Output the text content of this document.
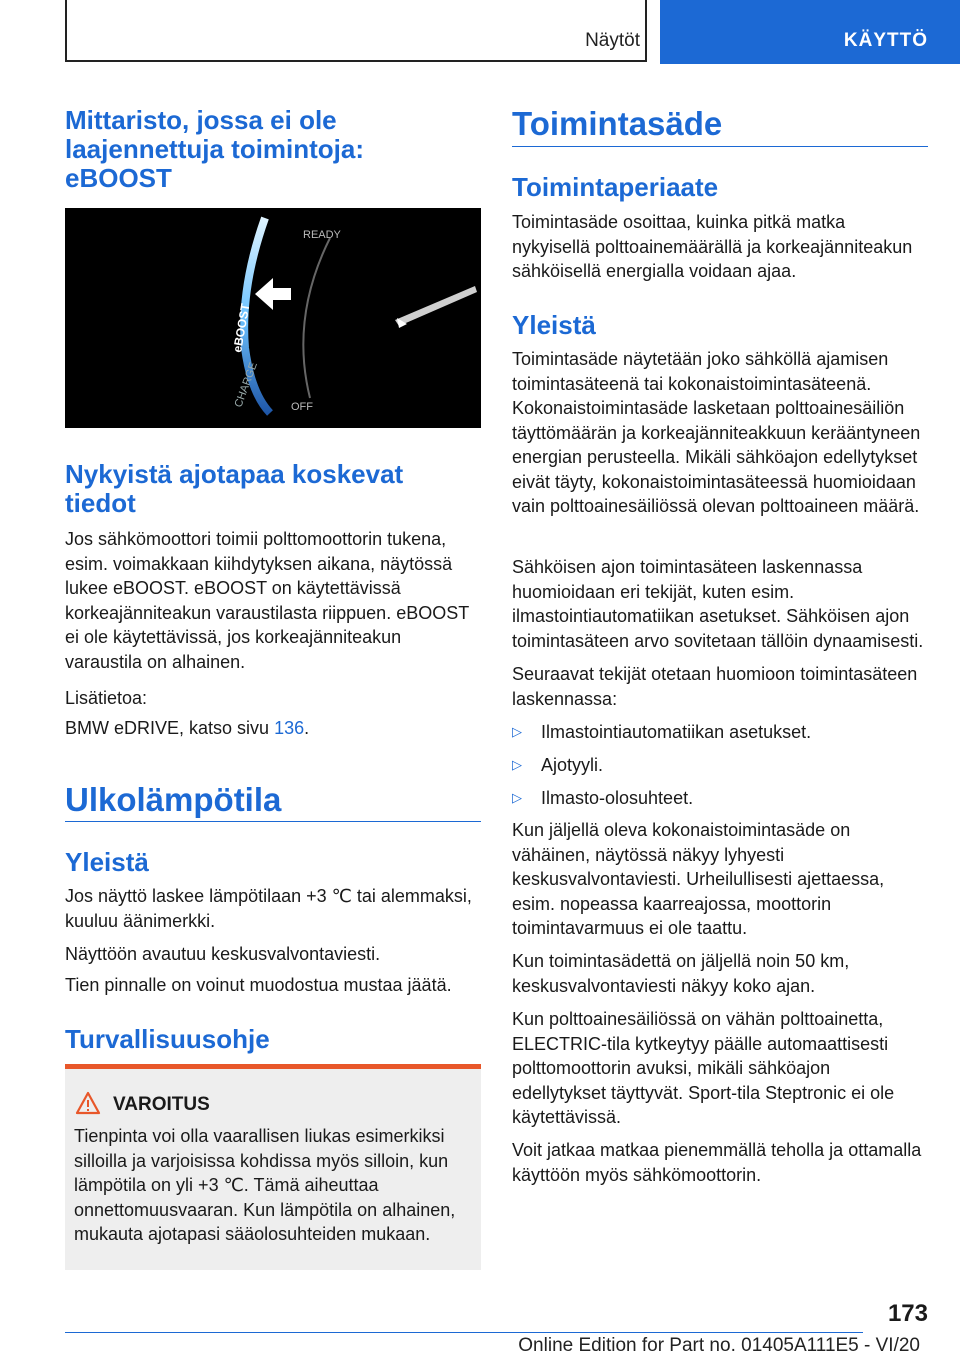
Näytöt	KÄYTTÖ
Mittaristo, jossa ei ole
laajennettuja toimintoja:
eBOOST
READY
OFF
eBOOST
CHARGE
Nykyistä ajotapaa koskevat
tiedot

Jos sähkömoottori toimii polttomoottorin tukena, esim. voimakkaan kiihdytyksen aikana, näytössä lukee eBOOST. eBOOST on käytettävissä korkeajänniteakun varaustilasta riippuen. eBOOST ei ole käytettävissä, jos korkeajänniteakun varaustila on alhainen.

Lisätietoa:

BMW eDRIVE, katso sivu 136.

Ulkolämpötila
Yleistä

Jos näyttö laskee lämpötilaan +3 ℃ tai alemmaksi, kuuluu äänimerkki.

Näyttöön avautuu keskusvalvontaviesti.

Tien pinnalle on voinut muodostua mustaa jäätä.

Turvallisuusohje
VAROITUS
Tienpinta voi olla vaarallisen liukas esimerkiksi silloilla ja varjoisissa kohdissa myös silloin, kun lämpötila on yli +3 ℃. Tämä aiheuttaa onnettomuusvaaran. Kun lämpötila on alhainen, mukauta ajotapasi sääolosuhteiden mukaan.
Toimintasäde
Toimintaperiaate

Toimintasäde osoittaa, kuinka pitkä matka nykyisellä polttoainemäärällä ja korkeajänniteakun sähköisellä energialla voidaan ajaa.

Yleistä

Toimintasäde näytetään joko sähköllä ajamisen toimintasäteenä tai kokonaistoimintasäteenä. Kokonaistoimintasäde lasketaan polttoainesäiliön täyttömäärän ja korkeajänniteakkuun kerääntyneen energian perusteella. Mikäli sähköajon edellytykset eivät täyty, kokonaistoimintasäteessä huomioidaan vain polttoainesäiliössä olevan polttoaineen määrä.

Sähköisen ajon toimintasäteen laskennassa huomioidaan eri tekijät, kuten esim. ilmastointiautomatiikan asetukset. Sähköisen ajon toimintasäteen arvo sovitetaan tällöin dynaamisesti.

Seuraavat tekijät otetaan huomioon toimintasäteen laskennassa:

▷ Ilmastointiautomatiikan asetukset.
▷ Ajotyyli.
▷ Ilmasto-olosuhteet.

Kun jäljellä oleva kokonaistoimintasäde on vähäinen, näytössä näkyy lyhyesti keskusvalvontaviesti. Urheilullisesti ajettaessa, esim. nopeassa kaarreajossa, moottorin toimintavarmuus ei ole taattu.

Kun toimintasädettä on jäljellä noin 50 km, keskusvalvontaviesti näkyy koko ajan.

Kun polttoainesäiliössä on vähän polttoainetta, ELECTRIC-tila kytkeytyy päälle automaattisesti polttomoottorin avuksi, mikäli sähköajon edellytykset täyttyvät. Sport-tila Steptronic ei ole käytettävissä.

Voit jatkaa matkaa pienemmällä teholla ja ottamalla käyttöön myös sähkömoottorin.

173
Online Edition for Part no. 01405A111E5 - VI/20
